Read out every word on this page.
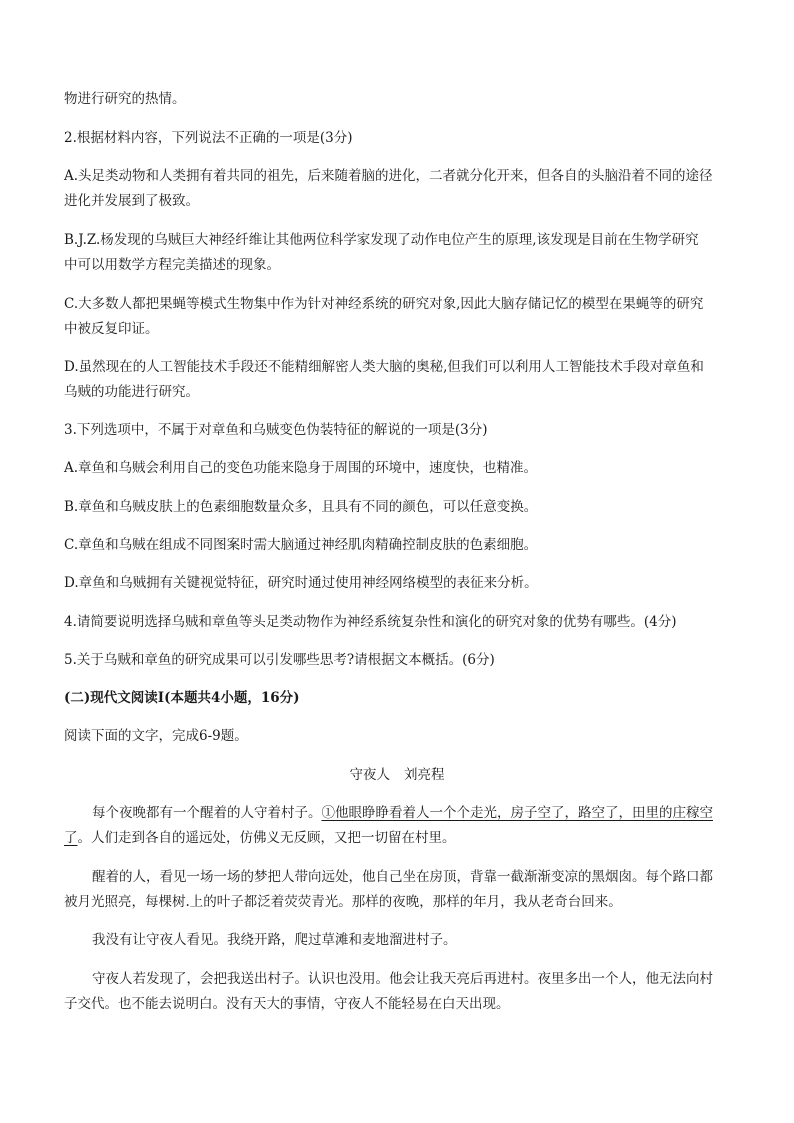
物进行研究的热情。
2.根据材料内容，下列说法不正确的一项是(3分)
A.头足类动物和人类拥有着共同的祖先，后来随着脑的进化，二者就分化开来，但各自的头脑沿着不同的途径
进化并发展到了极致。
B.J.Z.杨发现的乌贼巨大神经纤维让其他两位科学家发现了动作电位产生的原理,该发现是目前在生物学研究
中可以用数学方程完美描述的现象。
C.大多数人都把果蝇等模式生物集中作为针对神经系统的研究对象,因此大脑存储记忆的模型在果蝇等的研究
中被反复印证。
D.虽然现在的人工智能技术手段还不能精细解密人类大脑的奥秘,但我们可以利用人工智能技术手段对章鱼和
乌贼的功能进行研究。
3.下列选项中，不属于对章鱼和乌贼变色伪装特征的解说的一项是(3分)
A.章鱼和乌贼会利用自己的变色功能来隐身于周围的环境中，速度快，也精准。
B.章鱼和乌贼皮肤上的色素细胞数量众多，且具有不同的颜色，可以任意变换。
C.章鱼和乌贼在组成不同图案时需大脑通过神经肌肉精确控制皮肤的色素细胞。
D.章鱼和乌贼拥有关键视觉特征，研究时通过使用神经网络模型的表征来分析。
4.请简要说明选择乌贼和章鱼等头足类动物作为神经系统复杂性和演化的研究对象的优势有哪些。(4分)
5.关于乌贼和章鱼的研究成果可以引发哪些思考?请根据文本概括。(6分)
(二)现代文阅读Ⅰ(本题共4小题，16分)
阅读下面的文字，完成6-9题。
守夜人 刘亮程
每个夜晚都有一个醒着的人守着村子。①他眼睁睁看着人一个个走光，房子空了，路空了，田里的庄稼空
了。人们走到各自的遥远处，仿佛义无反顾，又把一切留在村里。
醒着的人，看见一场一场的梦把人带向远处，他自己坐在房顶，背靠一截渐渐变凉的黑烟囱。每个路口都
被月光照亮，每棵树.上的叶子都泛着荧荧青光。那样的夜晚，那样的年月，我从老奇台回来。
我没有让守夜人看见。我绕开路，爬过草滩和麦地溜进村子。
守夜人若发现了，会把我送出村子。认识也没用。他会让我天亮后再进村。夜里多出一个人，他无法向村
子交代。也不能去说明白。没有天大的事情，守夜人不能轻易在白天出现。
